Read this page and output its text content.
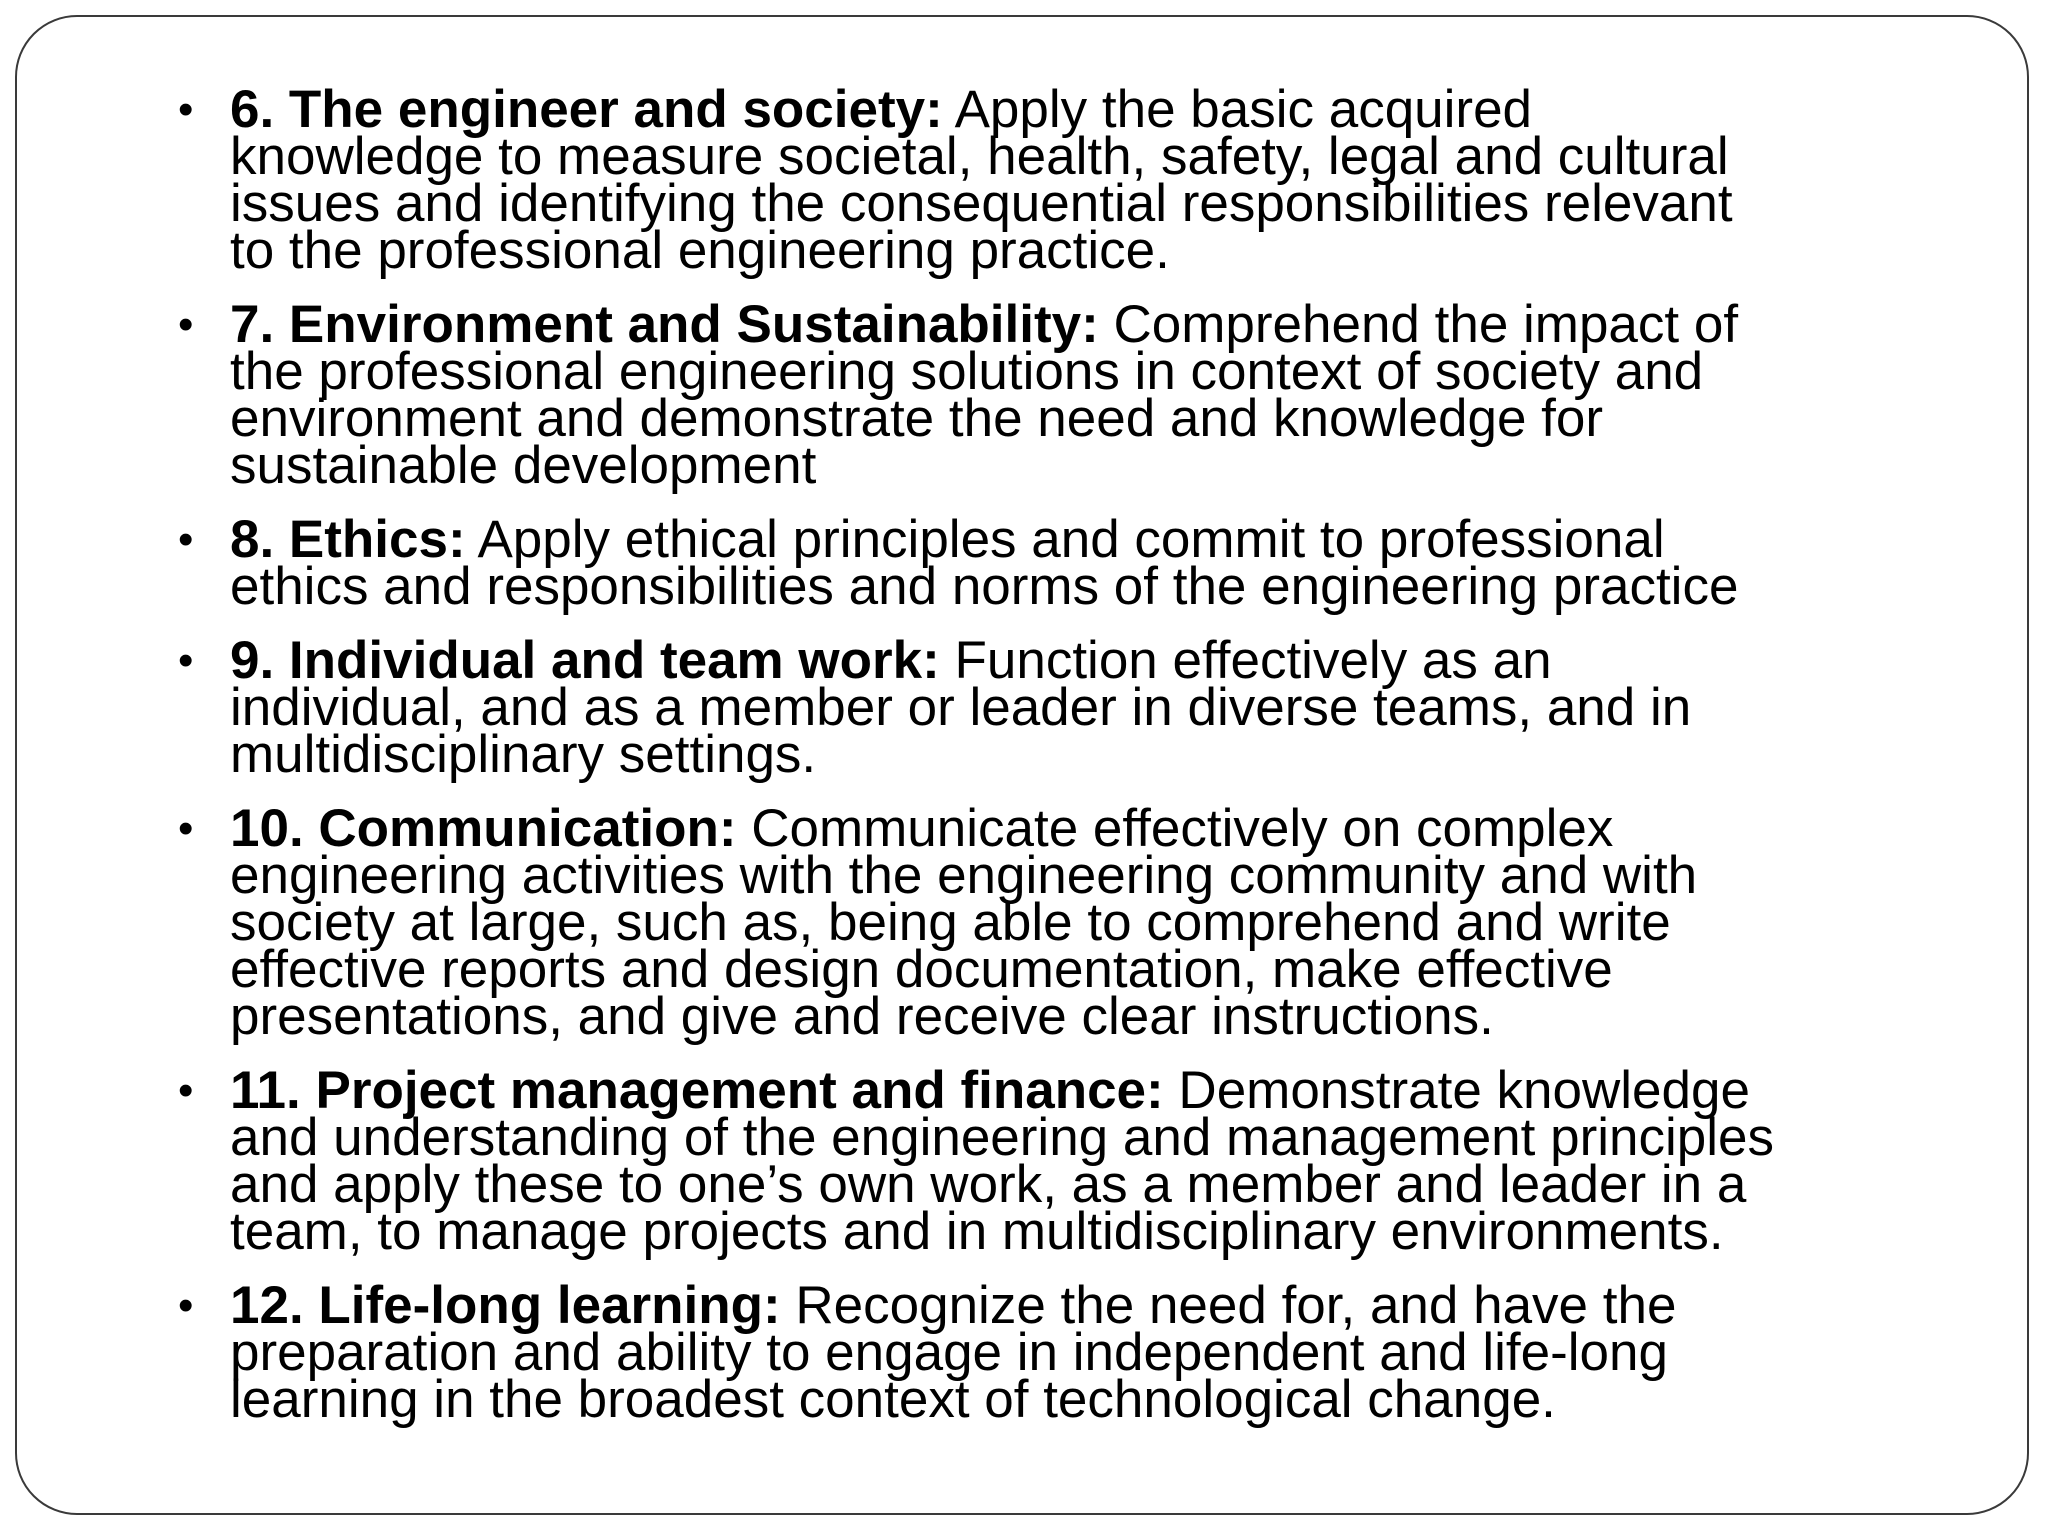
• 6. The engineer and society: Apply the basic acquired
knowledge to measure societal, health, safety, legal and cultural
issues and identifying the consequential responsibilities relevant
to the professional engineering practice.
• 7. Environment and Sustainability: Comprehend the impact of
the professional engineering solutions in context of society and
environment and demonstrate the need and knowledge for
sustainable development
• 8. Ethics: Apply ethical principles and commit to professional
ethics and responsibilities and norms of the engineering practice
• 9. Individual and team work: Function effectively as an
individual, and as a member or leader in diverse teams, and in
multidisciplinary settings.
• 10. Communication: Communicate effectively on complex
engineering activities with the engineering community and with
society at large, such as, being able to comprehend and write
effective reports and design documentation, make effective
presentations, and give and receive clear instructions.
• 11. Project management and finance: Demonstrate knowledge
and understanding of the engineering and management principles
and apply these to one’s own work, as a member and leader in a
team, to manage projects and in multidisciplinary environments.
• 12. Life-long learning: Recognize the need for, and have the
preparation and ability to engage in independent and life-long
learning in the broadest context of technological change.
